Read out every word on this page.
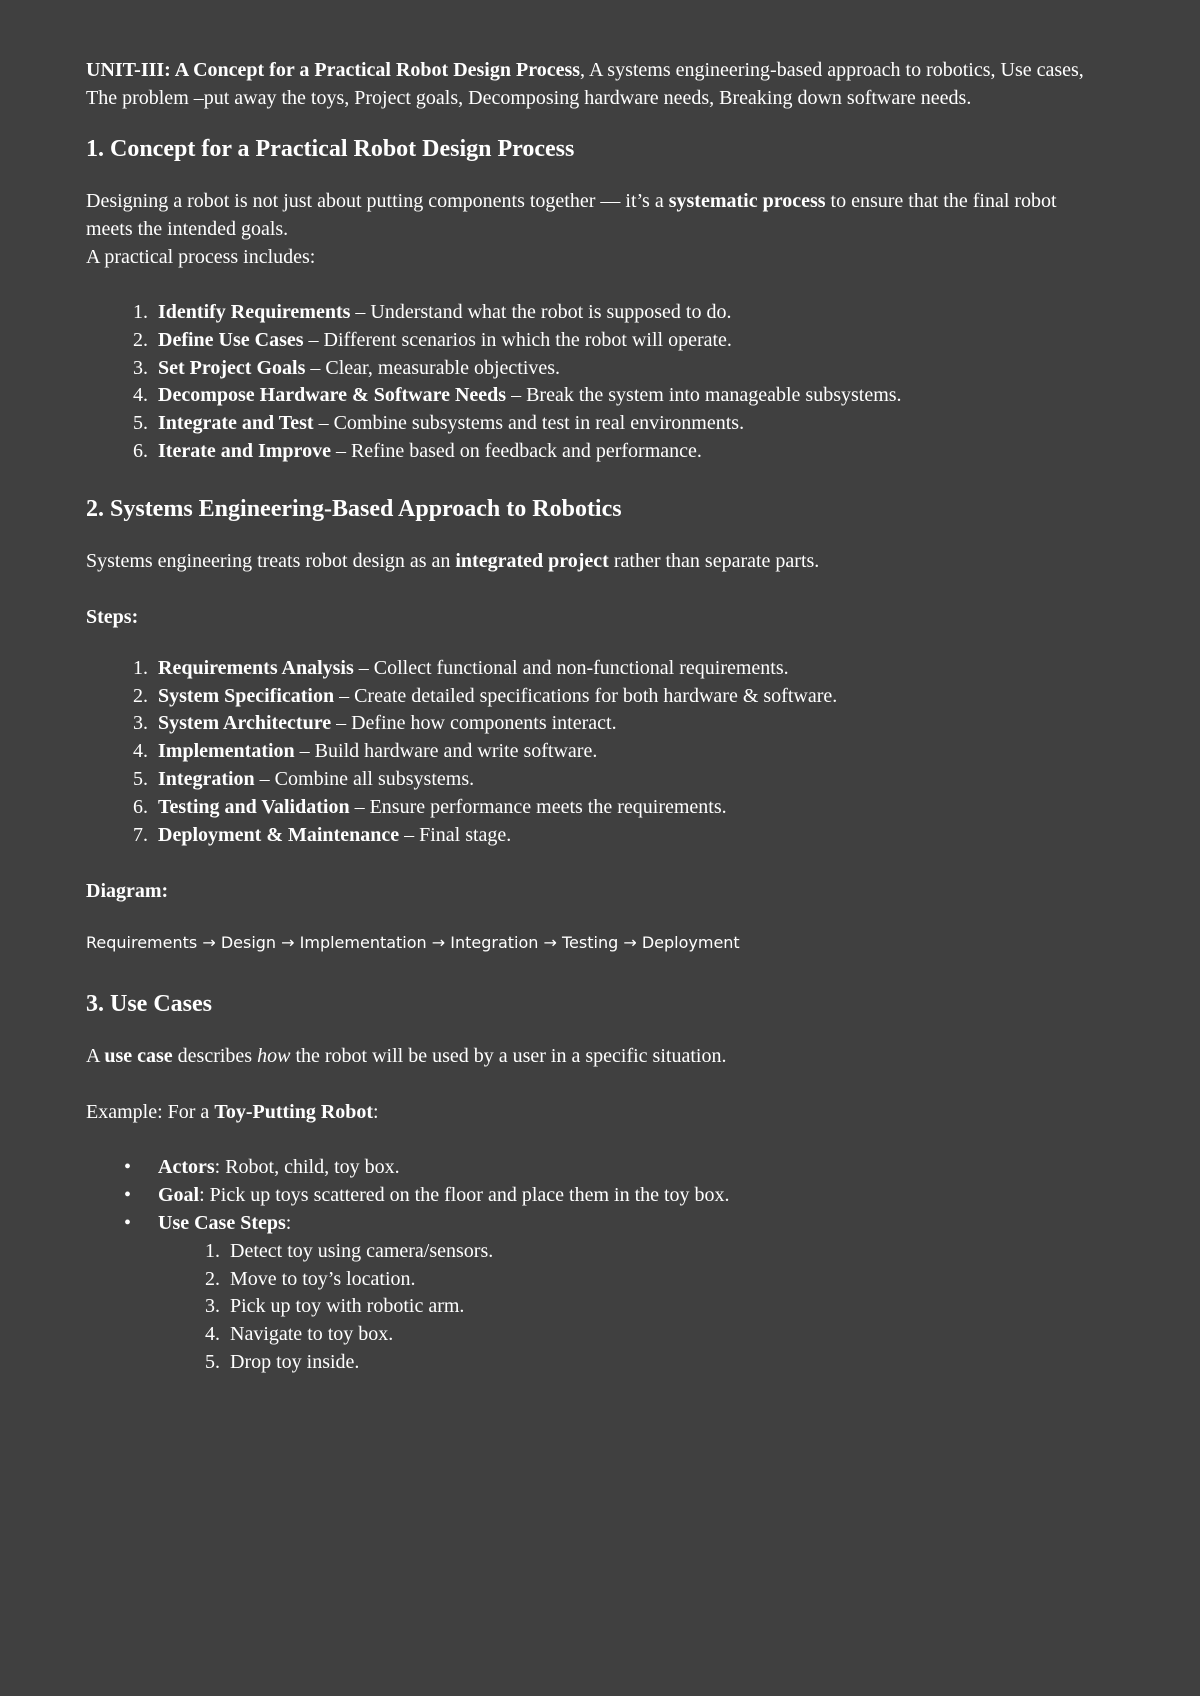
UNIT-III: A Concept for a Practical Robot Design Process, A systems engineering-based approach to robotics, Use cases, The problem –put away the toys, Project goals, Decomposing hardware needs, Breaking down software needs.

1. Concept for a Practical Robot Design Process

Designing a robot is not just about putting components together — it’s a systematic process to ensure that the final robot meets the intended goals.

A practical process includes:

1. Identify Requirements – Understand what the robot is supposed to do.
2. Define Use Cases – Different scenarios in which the robot will operate.
3. Set Project Goals – Clear, measurable objectives.
4. Decompose Hardware & Software Needs – Break the system into manageable subsystems.
5. Integrate and Test – Combine subsystems and test in real environments.
6. Iterate and Improve – Refine based on feedback and performance.
2. Systems Engineering-Based Approach to Robotics

Systems engineering treats robot design as an integrated project rather than separate parts.

Steps:

1. Requirements Analysis – Collect functional and non-functional requirements.
2. System Specification – Create detailed specifications for both hardware & software.
3. System Architecture – Define how components interact.
4. Implementation – Build hardware and write software.
5. Integration – Combine all subsystems.
6. Testing and Validation – Ensure performance meets the requirements.
7. Deployment & Maintenance – Final stage.

Diagram:

Requirements → Design → Implementation → Integration → Testing → Deployment

3. Use Cases

A use case describes how the robot will be used by a user in a specific situation.

Example: For a Toy-Putting Robot:

• Actors: Robot, child, toy box.
• Goal: Pick up toys scattered on the floor and place them in the toy box.
• Use Case Steps:
1. Detect toy using camera/sensors.
2. Move to toy’s location.
3. Pick up toy with robotic arm.
4. Navigate to toy box.
5. Drop toy inside.
